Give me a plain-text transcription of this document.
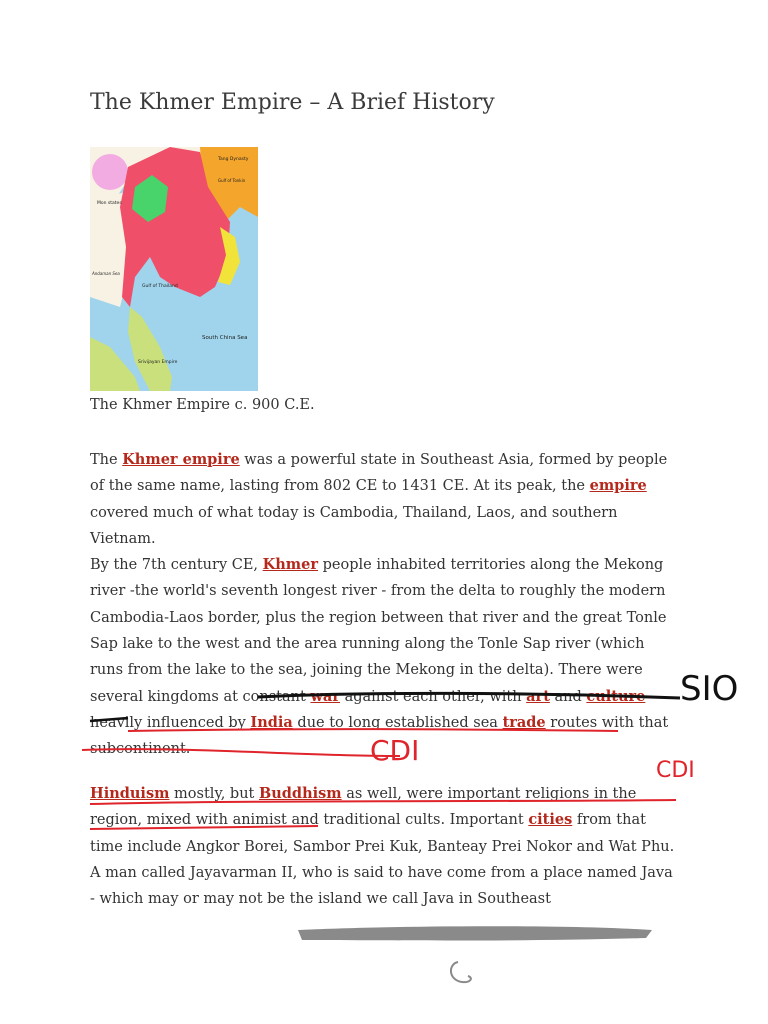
The Khmer Empire – A Brief History
Tang Dynasty
Gulf of Tonkin
Mon states
Andaman Sea
Gulf of Thailand
South China Sea
Srivijayan Empire
The Khmer Empire c. 900 C.E.

The Khmer empire was a powerful state in Southeast Asia, formed by people of the same name, lasting from 802 CE to 1431 CE. At its peak, the empire covered much of what today is Cambodia, Thailand, Laos, and southern Vietnam.
By the 7th century CE, Khmer people inhabited territories along the Mekong river -the world's seventh longest river - from the delta to roughly the modern Cambodia-Laos border, plus the region between that river and the great Tonle Sap lake to the west and the area running along the Tonle Sap river (which runs from the lake to the sea, joining the Mekong in the delta). There were several kingdoms at constant war against each other, with art and culture heavily influenced by India due to long established sea trade routes with that subcontinent.

Hinduism mostly, but Buddhism as well, were important religions in the region, mixed with animist and traditional cults. Important cities from that time include Angkor Borei, Sambor Prei Kuk, Banteay Prei Nokor and Wat Phu. A man called Jayavarman II, who is said to have come from a place named Java - which may or may not be the island we call Java in Southeast

SIO
CDI
CDI
